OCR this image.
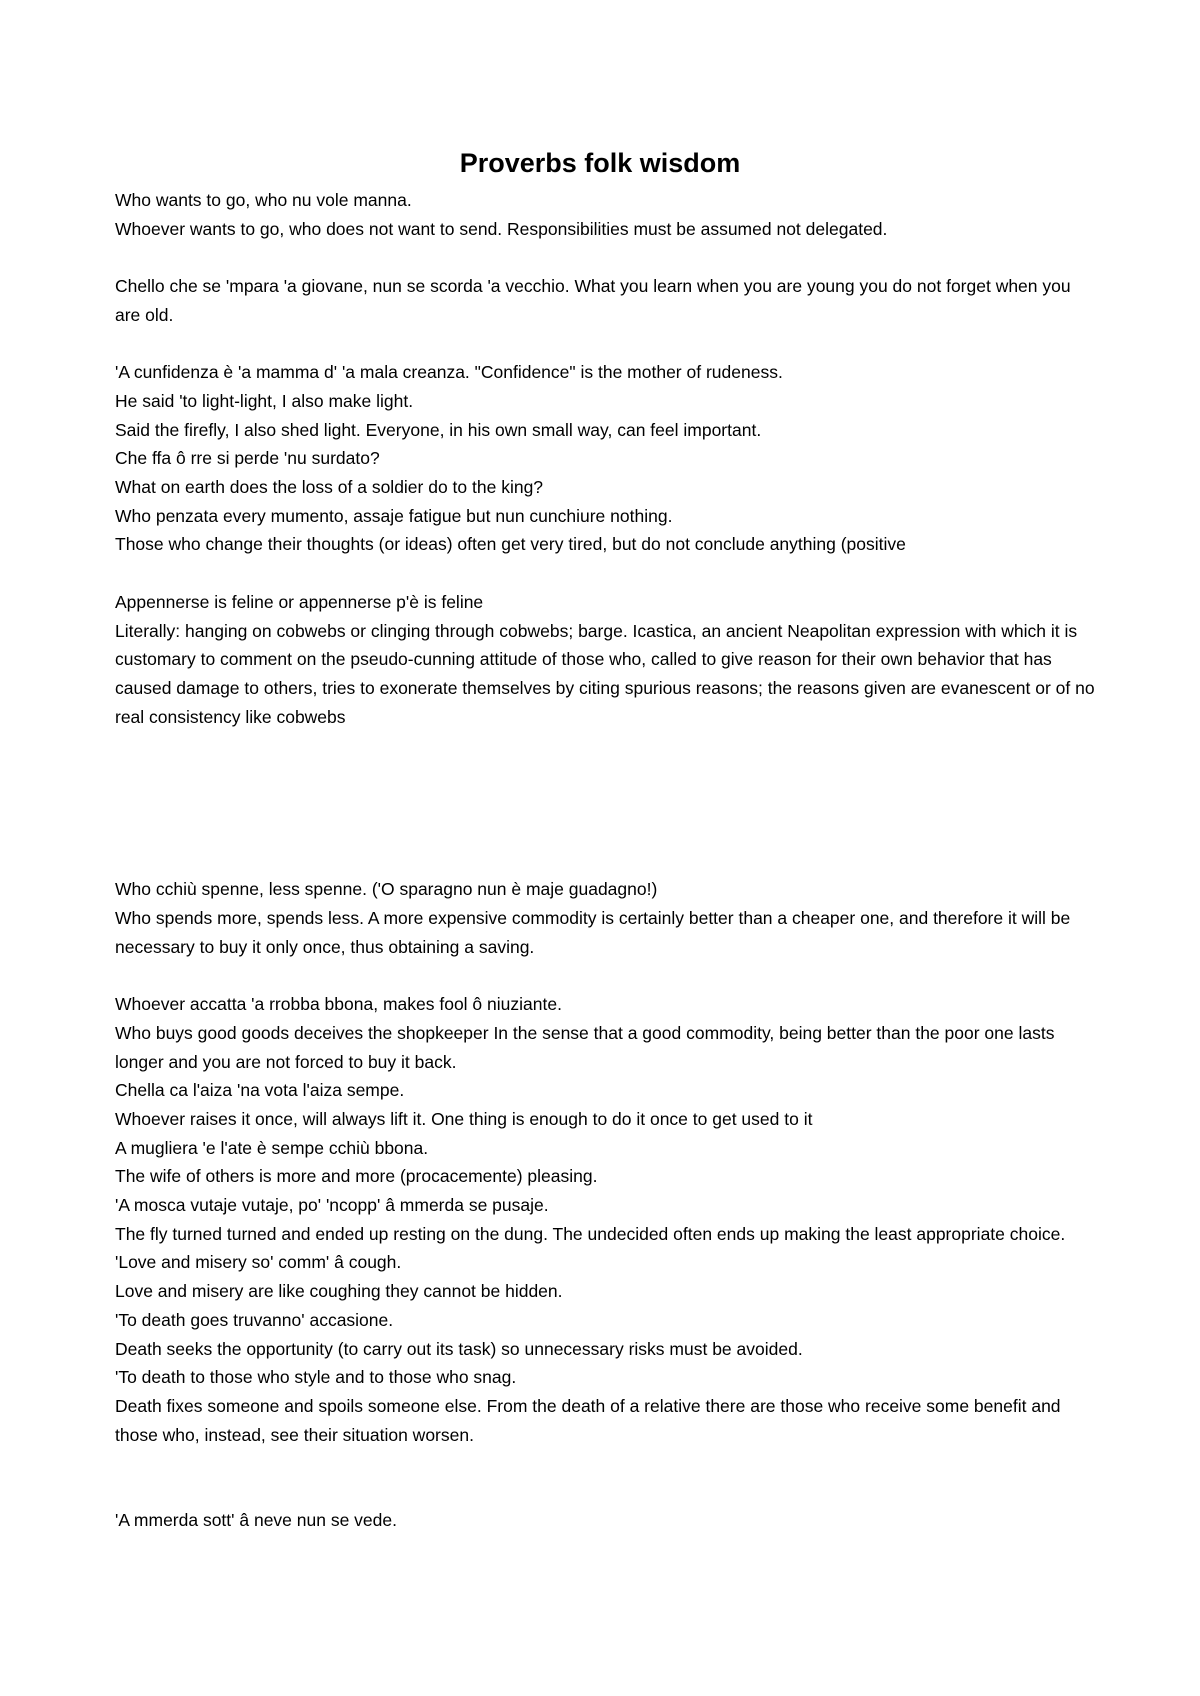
Proverbs folk wisdom

Who wants to go, who nu vole manna.

Whoever wants to go, who does not want to send. Responsibilities must be assumed not delegated.

Chello che se 'mpara 'a giovane, nun se scorda 'a vecchio. What you learn when you are young you do not forget when you are old.

'A cunfidenza è 'a mamma d' 'a mala creanza. "Confidence" is the mother of rudeness.

He said 'to light-light, I also make light.

Said the firefly, I also shed light. Everyone, in his own small way, can feel important.

Che ffa ô rre si perde 'nu surdato?

What on earth does the loss of a soldier do to the king?

Who penzata every mumento, assaje fatigue but nun cunchiure nothing.

Those who change their thoughts (or ideas) often get very tired, but do not conclude anything (positive

Appennerse is feline or appennerse p'è is feline

Literally: hanging on cobwebs or clinging through cobwebs; barge. Icastica, an ancient Neapolitan expression with which it is customary to comment on the pseudo-cunning attitude of those who, called to give reason for their own behavior that has caused damage to others, tries to exonerate themselves by citing spurious reasons; the reasons given are evanescent or of no real consistency like cobwebs

Who cchiù spenne, less spenne. ('O sparagno nun è maje guadagno!)

Who spends more, spends less. A more expensive commodity is certainly better than a cheaper one, and therefore it will be necessary to buy it only once, thus obtaining a saving.

Whoever accatta 'a rrobba bbona, makes fool ô niuziante.

Who buys good goods deceives the shopkeeper In the sense that a good commodity, being better than the poor one lasts longer and you are not forced to buy it back.

Chella ca l'aiza 'na vota l'aiza sempe.

Whoever raises it once, will always lift it. One thing is enough to do it once to get used to it

A mugliera 'e l'ate è sempe cchiù bbona.

The wife of others is more and more (procacemente) pleasing.

'A mosca vutaje vutaje, po' 'ncopp' â mmerda se pusaje.

The fly turned turned and ended up resting on the dung. The undecided often ends up making the least appropriate choice.

'Love and misery so' comm' â cough.

Love and misery are like coughing they cannot be hidden.

'To death goes truvanno' accasione.

Death seeks the opportunity (to carry out its task) so unnecessary risks must be avoided.

'To death to those who style and to those who snag.

Death fixes someone and spoils someone else. From the death of a relative there are those who receive some benefit and those who, instead, see their situation worsen.

'A mmerda sott' â neve nun se vede.
